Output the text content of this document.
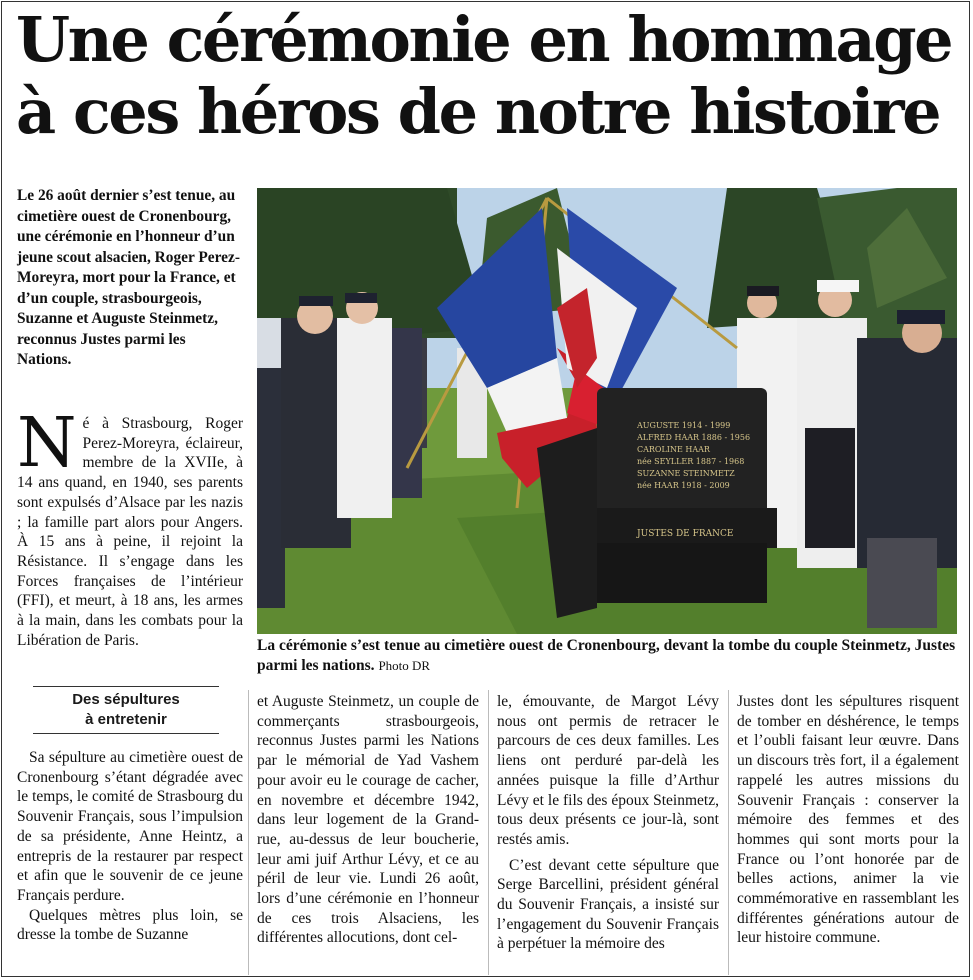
Une cérémonie en hommage
à ces héros de notre histoire

Le 26 août dernier s’est tenue, au cimetière ouest de Cronenbourg, une cérémonie en l’honneur d’un jeune scout alsacien, Roger Perez-Moreyra, mort pour la France, et d’un couple, strasbourgeois, Suzanne et Auguste Steinmetz, reconnus Justes parmi les Nations.

AUGUSTE 1914 - 1999
ALFRED HAAR 1886 - 1956
CAROLINE HAAR
née SEYLLER 1887 - 1968
SUZANNE STEINMETZ
née HAAR 1918 - 2009
JUSTES DE FRANCE

La cérémonie s’est tenue au cimetière ouest de Cronenbourg, devant la tombe du couple Steinmetz, Justes parmi les nations. Photo DR

Né à Strasbourg, Roger Perez-Moreyra, éclaireur, membre de la XVIIe, à 14 ans quand, en 1940, ses parents sont expulsés d’Alsace par les nazis ; la famille part alors pour Angers. À 15 ans à peine, il rejoint la Résistance. Il s’engage dans les Forces françaises de l’intérieur (FFI), et meurt, à 18 ans, les armes à la main, dans les combats pour la Libération de Paris.

Des sépultures
à entretenir

Sa sépulture au cimetière ouest de Cronenbourg s’étant dégradée avec le temps, le comité de Strasbourg du Souvenir Français, sous l’impulsion de sa présidente, Anne Heintz, a entrepris de la restaurer par respect et afin que le souvenir de ce jeune Français perdure.
Quelques mètres plus loin, se dresse la tombe de Suzanne

et Auguste Steinmetz, un couple de commerçants strasbourgeois, reconnus Justes parmi les Nations par le mémorial de Yad Vashem pour avoir eu le courage de cacher, en novembre et décembre 1942, dans leur logement de la Grand-rue, au-dessus de leur boucherie, leur ami juif Arthur Lévy, et ce au péril de leur vie. Lundi 26 août, lors d’une cérémonie en l’honneur de ces trois Alsaciens, les différentes allocutions, dont cel-

le, émouvante, de Margot Lévy nous ont permis de retracer le parcours de ces deux familles. Les liens ont perduré par-delà les années puisque la fille d’Arthur Lévy et le fils des époux Steinmetz, tous deux présents ce jour-là, sont restés amis.
C’est devant cette sépulture que Serge Barcellini, président général du Souvenir Français, a insisté sur l’engagement du Souvenir Français à perpétuer la mémoire des

Justes dont les sépultures risquent de tomber en déshérence, le temps et l’oubli faisant leur œuvre. Dans un discours très fort, il a également rappelé les autres missions du Souvenir Français : conserver la mémoire des femmes et des hommes qui sont morts pour la France ou l’ont honorée par de belles actions, animer la vie commémorative en rassemblant les différentes générations autour de leur histoire commune.
